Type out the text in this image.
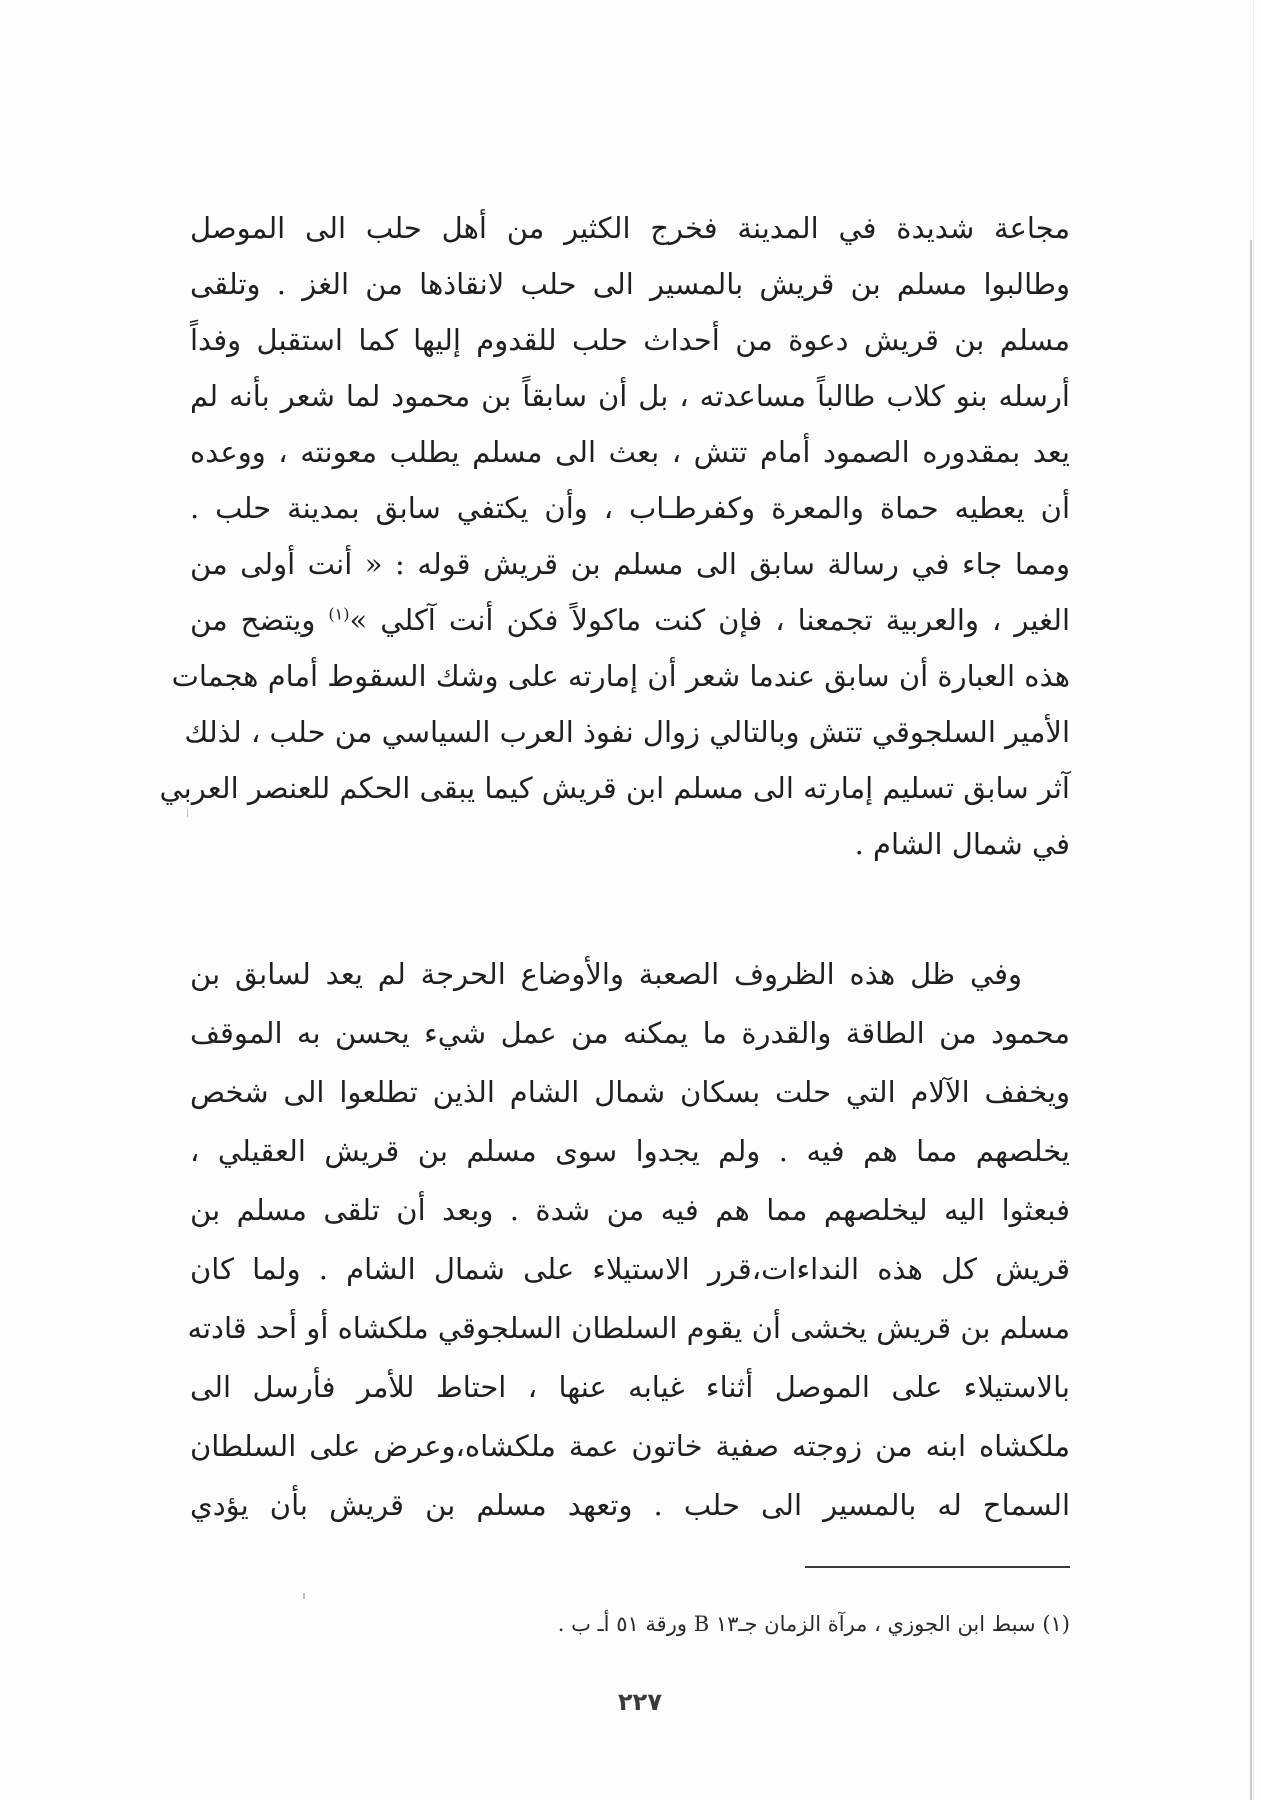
مجاعة شديدة في المدينة فخرج الكثير من أهل حلب الى الموصل
وطالبوا مسلم بن قريش بالمسير الى حلب لانقاذها من الغز . وتلقى
مسلم بن قريش دعوة من أحداث حلب للقدوم إليها كما استقبل وفداً
أرسله بنو كلاب طالباً مساعدته ، بل أن سابقاً بن محمود لما شعر بأنه لم
يعد بمقدوره الصمود أمام تتش ، بعث الى مسلم يطلب معونته ، ووعده
أن يعطيه حماة والمعرة وكفرطـاب ، وأن يكتفي سابق بمدينة حلب .
ومما جاء في رسالة سابق الى مسلم بن قريش قوله : « أنت أولى من
الغير ، والعربية تجمعنا ، فإن كنت ماكولاً فكن أنت آكلي »$^{(١)}$ ويتضح من
هذه العبارة أن سابق عندما شعر أن إمارته على وشك السقوط أمام هجمات
الأمير السلجوقي تتش وبالتالي زوال نفوذ العرب السياسي من حلب ، لذلك
آثر سابق تسليم إمارته الى مسلم ابن قريش كيما يبقى الحكم للعنصر العربي
في شمال الشام .
وفي ظل هذه الظروف الصعبة والأوضاع الحرجة لم يعد لسابق بن
محمود من الطاقة والقدرة ما يمكنه من عمل شيء يحسن به الموقف
ويخفف الآلام التي حلت بسكان شمال الشام الذين تطلعوا الى شخص
يخلصهم مما هم فيه . ولم يجدوا سوى مسلم بن قريش العقيلي ،
فبعثوا اليه ليخلصهم مما هم فيه من شدة . وبعد أن تلقى مسلم بن
قريش كل هذه النداءات،قرر الاستيلاء على شمال الشام . ولما كان
مسلم بن قريش يخشى أن يقوم السلطان السلجوقي ملكشاه أو أحد قادته
بالاستيلاء على الموصل أثناء غيابه عنها ، احتاط للأمر فأرسل الى
ملكشاه ابنه من زوجته صفية خاتون عمة ملكشاه،وعرض على السلطان
السماح له بالمسير الى حلب . وتعهد مسلم بن قريش بأن يؤدي
(١) سبط ابن الجوزي ، مرآة الزمان جـ١٣ B ورقة ٥١ أـ ب .
٢٢٧
